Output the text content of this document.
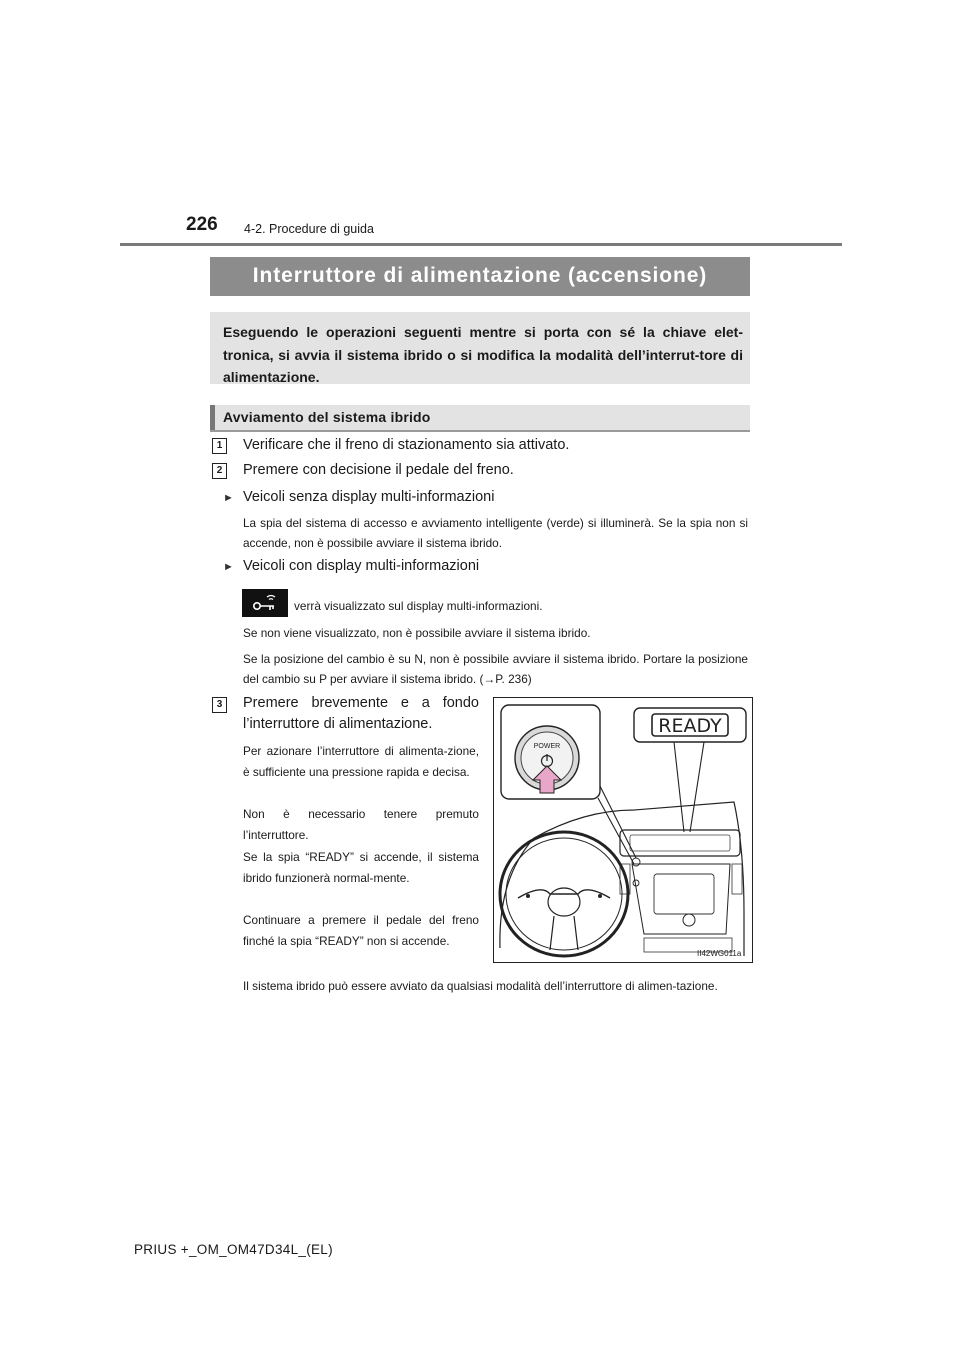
226 4-2. Procedure di guida
Interruttore di alimentazione (accensione)
Eseguendo le operazioni seguenti mentre si porta con sé la chiave elet-tronica, si avvia il sistema ibrido o si modifica la modalità dell’interrut-tore di alimentazione.
Avviamento del sistema ibrido
1	Verificare che il freno di stazionamento sia attivato.
2	Premere con decisione il pedale del freno.
► Veicoli senza display multi-informazioni
La spia del sistema di accesso e avviamento intelligente (verde) si illuminerà. Se la spia non si accende, non è possibile avviare il sistema ibrido.
► Veicoli con display multi-informazioni
verrà visualizzato sul display multi-informazioni.
Se non viene visualizzato, non è possibile avviare il sistema ibrido.
Se la posizione del cambio è su N, non è possibile avviare il sistema ibrido. Portare la posizione del cambio su P per avviare il sistema ibrido. (→P. 236)
3	Premere brevemente e a fondo
l’interruttore di alimentazione.
Per azionare l’interruttore di alimenta-zione, è sufficiente una pressione rapida e decisa.
Non è necessario tenere premuto l’interruttore.
Se la spia “READY” si accende, il sistema ibrido funzionerà normal-mente.
Continuare a premere il pedale del freno finché la spia “READY” non si accende.
POWER
READY
II42WG011a
Il sistema ibrido può essere avviato da qualsiasi modalità dell’interruttore di alimen-tazione.
PRIUS +_OM_OM47D34L_(EL)
